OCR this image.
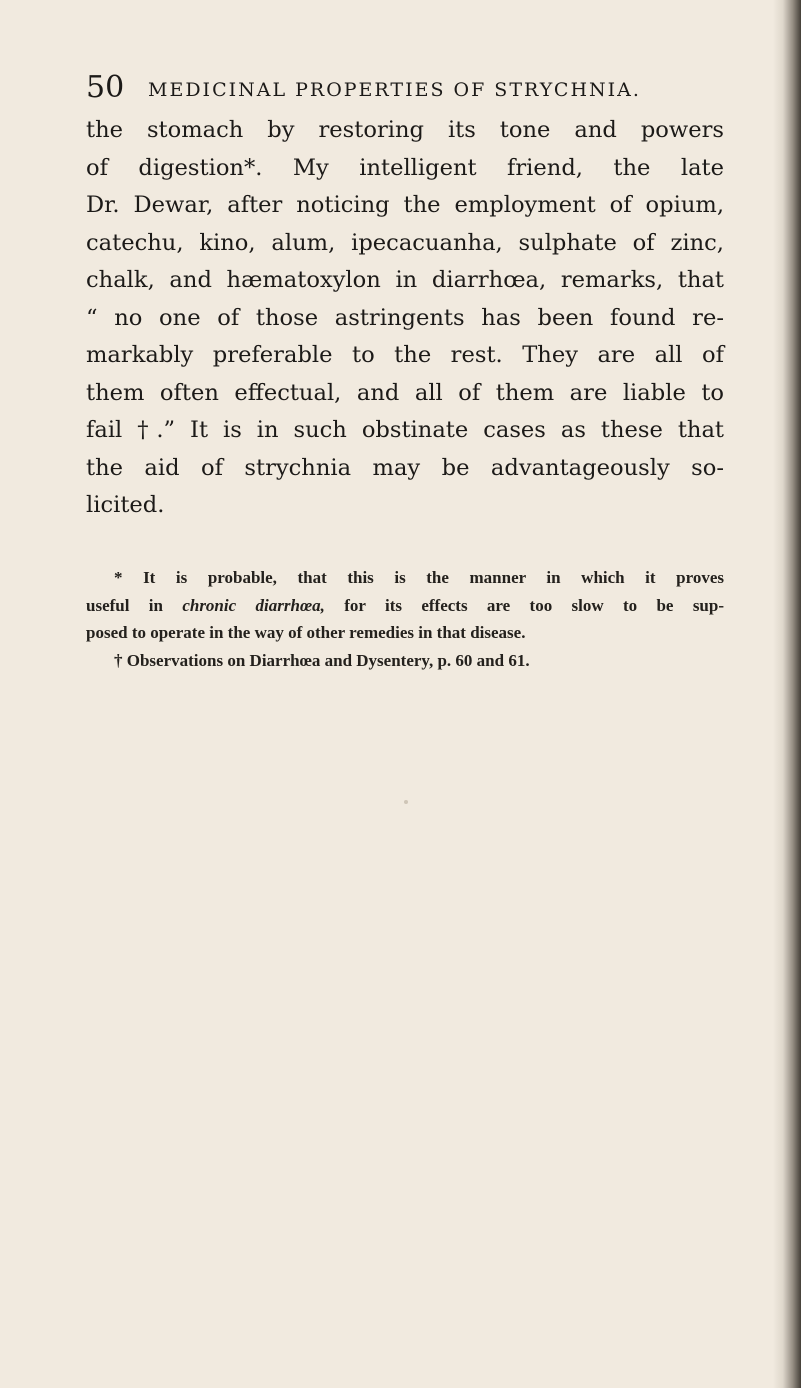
50 MEDICINAL PROPERTIES OF STRYCHNIA.
the stomach by restoring its tone and powers
of digestion*. My intelligent friend, the late
Dr. Dewar, after noticing the employment of opium,
catechu, kino, alum, ipecacuanha, sulphate of zinc,
chalk, and hæmatoxylon in diarrhœa, remarks, that
“ no one of those astringents has been found re-
markably preferable to the rest. They are all of
them often effectual, and all of them are liable to
fail †.” It is in such obstinate cases as these that
the aid of strychnia may be advantageously so-
licited.
* It is probable, that this is the manner in which it proves
useful in chronic diarrhœa, for its effects are too slow to be sup-
posed to operate in the way of other remedies in that disease.
† Observations on Diarrhœa and Dysentery, p. 60 and 61.
